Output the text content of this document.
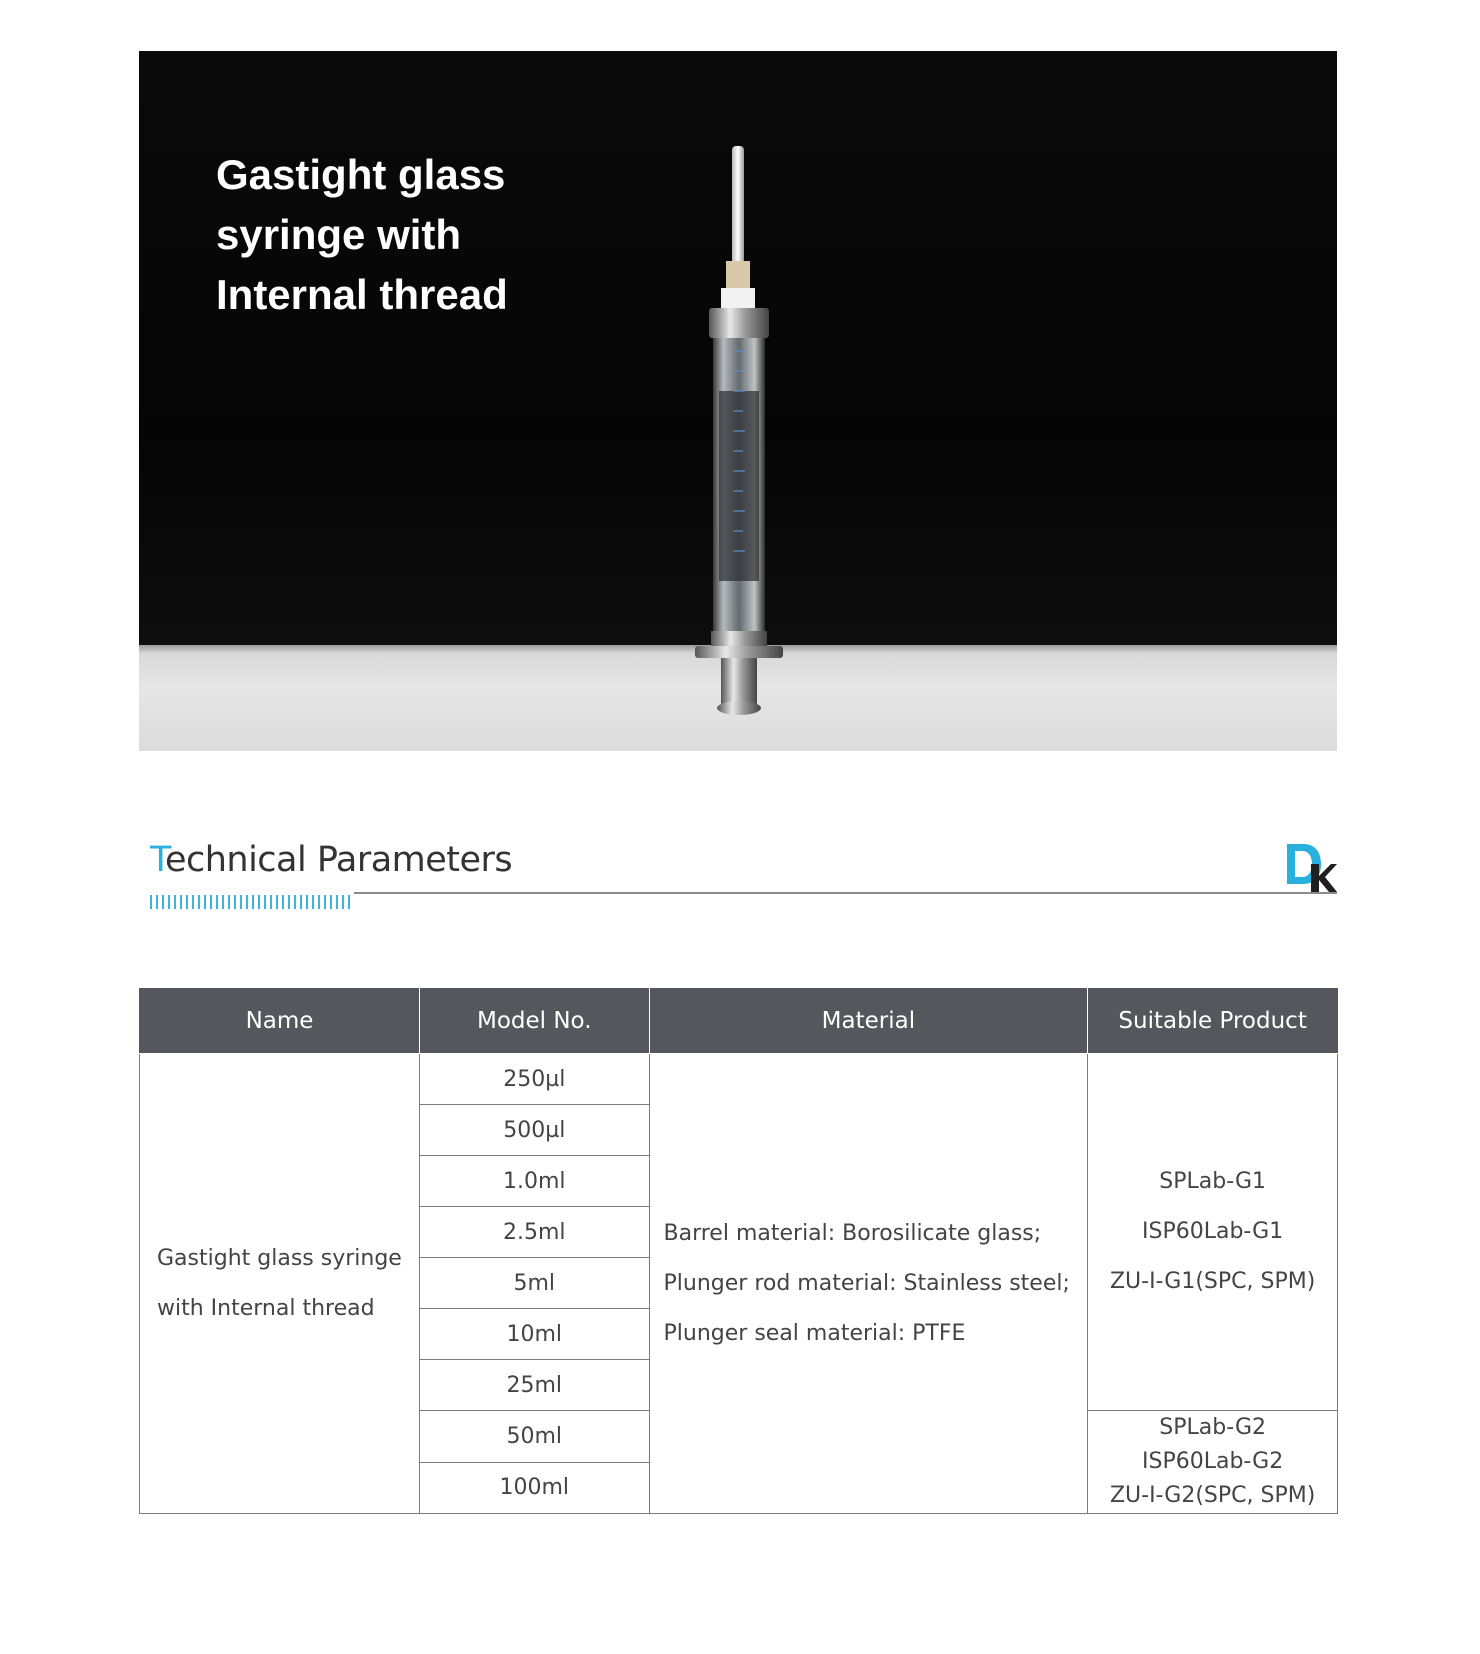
Gastight glass
syringe with
Internal thread
Technical Parameters
Name	Model No.	Material	Suitable Product

Gastight glass syringe
with Internal thread	250µl	Barrel material: Borosilicate glass;
Plunger rod material: Stainless steel;
Plunger seal material: PTFE	SPLab-G1
ISP60Lab-G1
ZU-I-G1(SPC, SPM)

	500µl		
	1.0ml		
	2.5ml		
	5ml		
	10ml		
	25ml		
	50ml		SPLab-G2
ISP60Lab-G2
ZU-I-G2(SPC, SPM)

	100ml		
